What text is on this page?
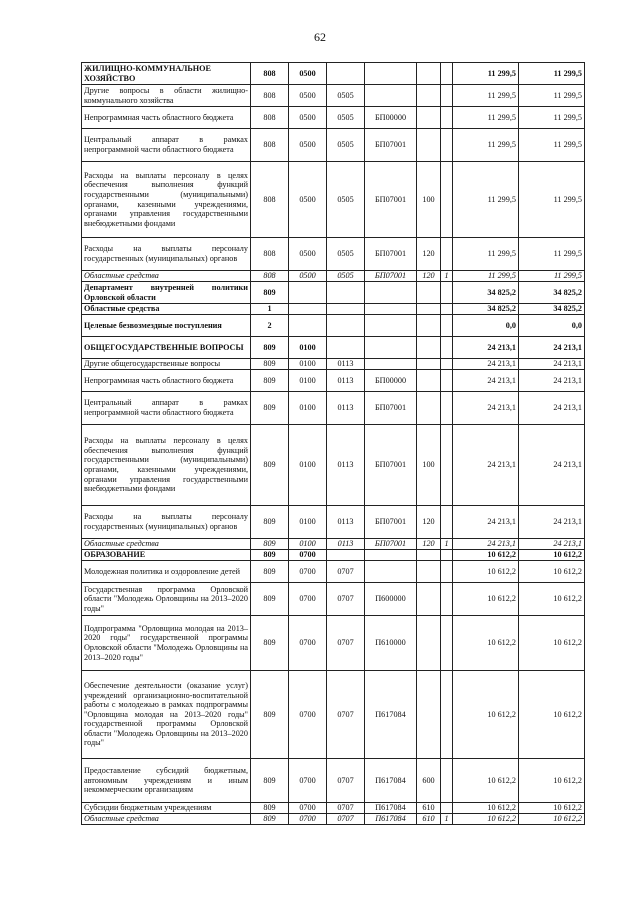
62
ЖИЛИЩНО-КОММУНАЛЬНОЕ ХОЗЯЙСТВО	808	0500					11 299,5	11 299,5
Другие вопросы в области жилищно-коммунального хозяйства	808	0500	0505				11 299,5	11 299,5
Непрограммная часть областного бюджета	808	0500	0505	БП00000			11 299,5	11 299,5
Центральный аппарат в рамках непрограммной части областного бюджета	808	0500	0505	БП07001			11 299,5	11 299,5
Расходы на выплаты персоналу в целях обеспечения выполнения функций государственными (муниципальными) органами, казенными учреждениями, органами управления государственными внебюджетными фондами	808	0500	0505	БП07001	100		11 299,5	11 299,5
Расходы на выплаты персоналу государственных (муниципальных) органов	808	0500	0505	БП07001	120		11 299,5	11 299,5
Областные средства	808	0500	0505	БП07001	120	1	11 299,5	11 299,5
Департамент внутренней политики Орловской области	809						34 825,2	34 825,2
Областные средства	1						34 825,2	34 825,2
Целевые безвозмездные поступления	2						0,0	0,0
ОБЩЕГОСУДАРСТВЕННЫЕ ВОПРОСЫ	809	0100					24 213,1	24 213,1
Другие общегосударственные вопросы	809	0100	0113				24 213,1	24 213,1
Непрограммная часть областного бюджета	809	0100	0113	БП00000			24 213,1	24 213,1
Центральный аппарат в рамках непрограммной части областного бюджета	809	0100	0113	БП07001			24 213,1	24 213,1
Расходы на выплаты персоналу в целях обеспечения выполнения функций государственными (муниципальными) органами, казенными учреждениями, органами управления государственными внебюджетными фондами	809	0100	0113	БП07001	100		24 213,1	24 213,1
Расходы на выплаты персоналу государственных (муниципальных) органов	809	0100	0113	БП07001	120		24 213,1	24 213,1
Областные средства	809	0100	0113	БП07001	120	1	24 213,1	24 213,1
ОБРАЗОВАНИЕ	809	0700					10 612,2	10 612,2
Молодежная политика и оздоровление детей	809	0700	0707				10 612,2	10 612,2
Государственная программа Орловской области "Молодежь Орловщины на 2013–2020 годы"	809	0700	0707	П600000			10 612,2	10 612,2
Подпрограмма "Орловщина молодая на 2013–2020 годы" государственной программы Орловской области "Молодежь Орловщины на 2013–2020 годы"	809	0700	0707	П610000			10 612,2	10 612,2
Обеспечение деятельности (оказание услуг) учреждений организационно-воспитательной работы с молодежью в рамках подпрограммы "Орловщина молодая на 2013–2020 годы" государственной программы Орловской области "Молодежь Орловщины на 2013–2020 годы"	809	0700	0707	П617084			10 612,2	10 612,2
Предоставление субсидий бюджетным, автономным учреждениям и иным некоммерческим организациям	809	0700	0707	П617084	600		10 612,2	10 612,2
Субсидии бюджетным учреждениям	809	0700	0707	П617084	610		10 612,2	10 612,2
Областные средства	809	0700	0707	П617084	610	1	10 612,2	10 612,2
